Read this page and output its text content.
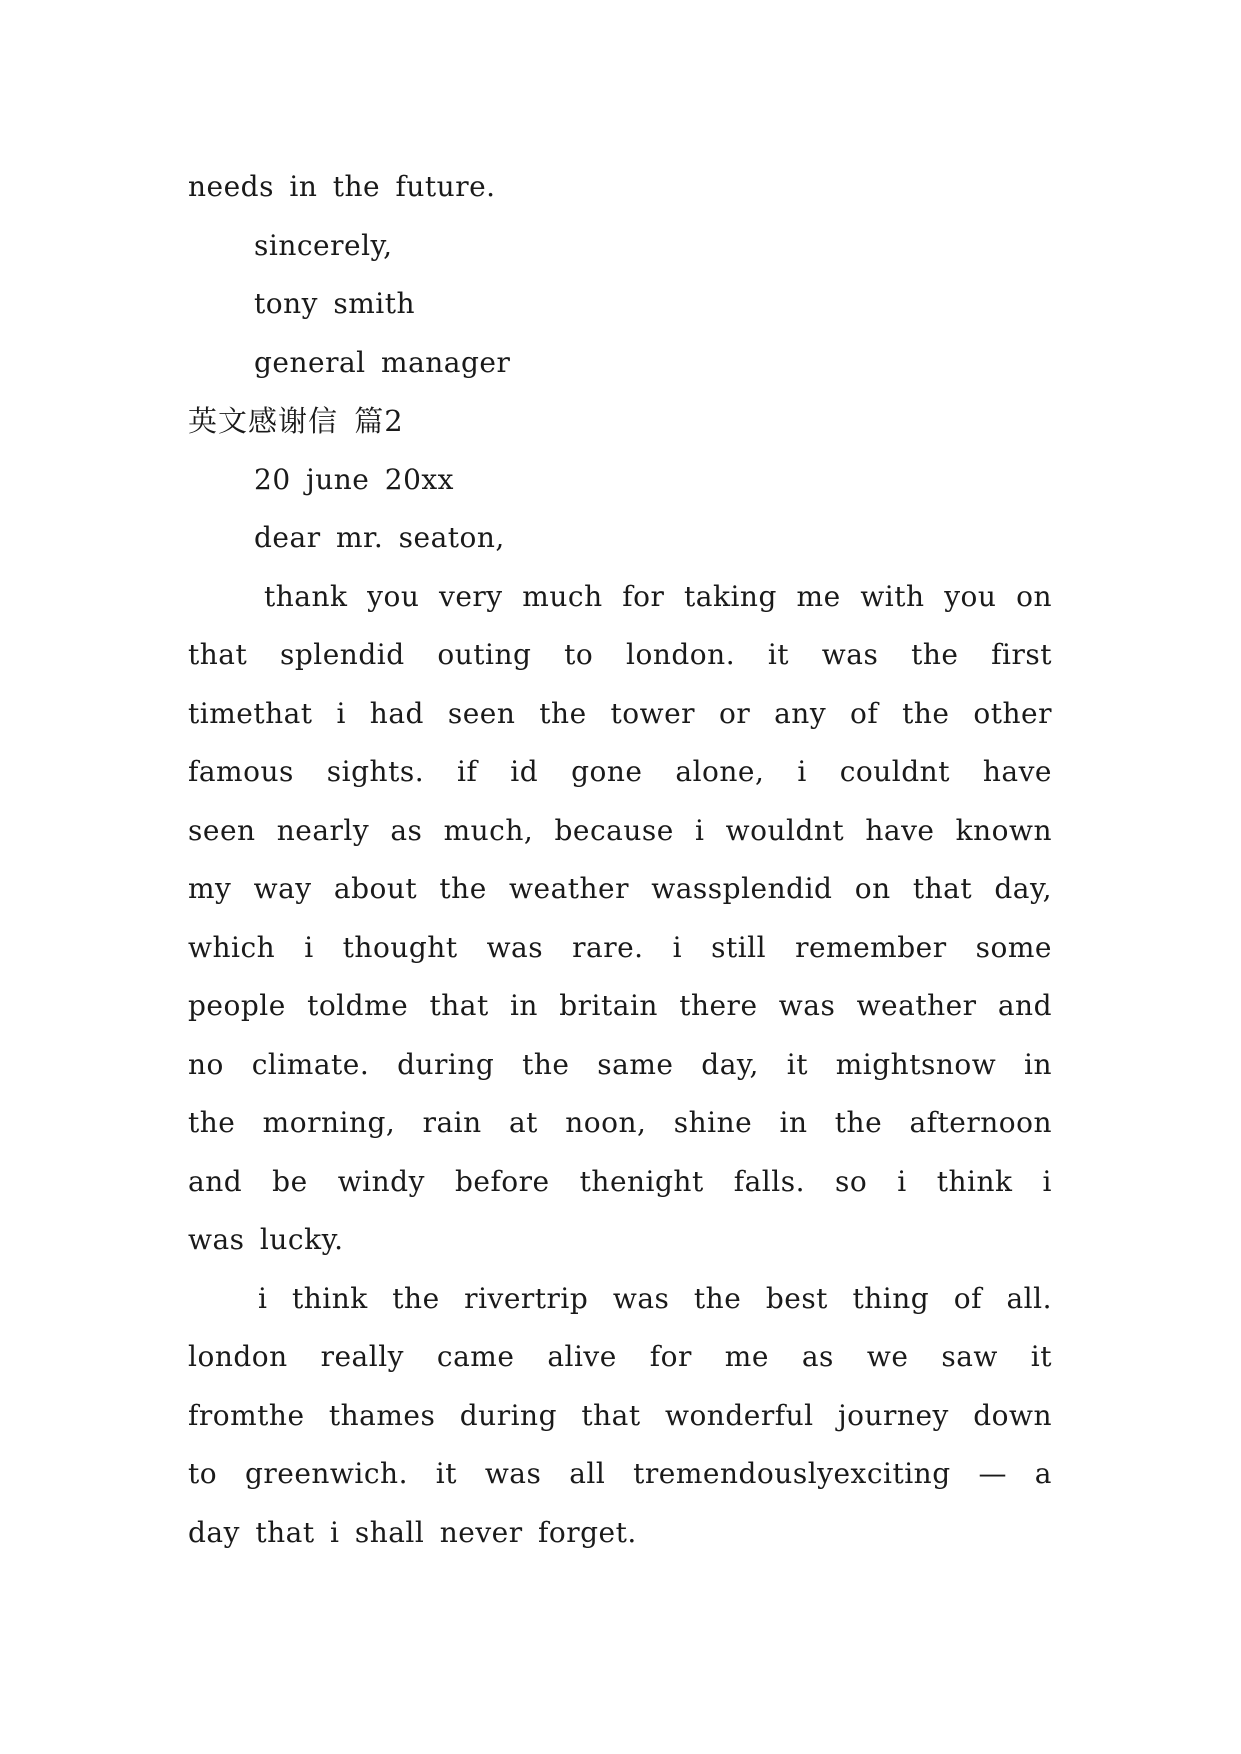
needs in the future.
sincerely,
tony smith
general manager
英文感谢信 篇2
20 june 20xx
dear mr. seaton,
thank you very much for taking me with you on
that splendid outing to london. it was the first
timethat i had seen the tower or any of the other
famous sights. if id gone alone, i couldnt have
seen nearly as much, because i wouldnt have known
my way about the weather wassplendid on that day,
which i thought was rare. i still remember some
people toldme that in britain there was weather and
no climate. during the same day, it mightsnow in
the morning, rain at noon, shine in the afternoon
and be windy before thenight falls. so i think i
was lucky.
i think the rivertrip was the best thing of all.
london really came alive for me as we saw it
fromthe thames during that wonderful journey down
to greenwich. it was all tremendouslyexciting — a
day that i shall never forget.
